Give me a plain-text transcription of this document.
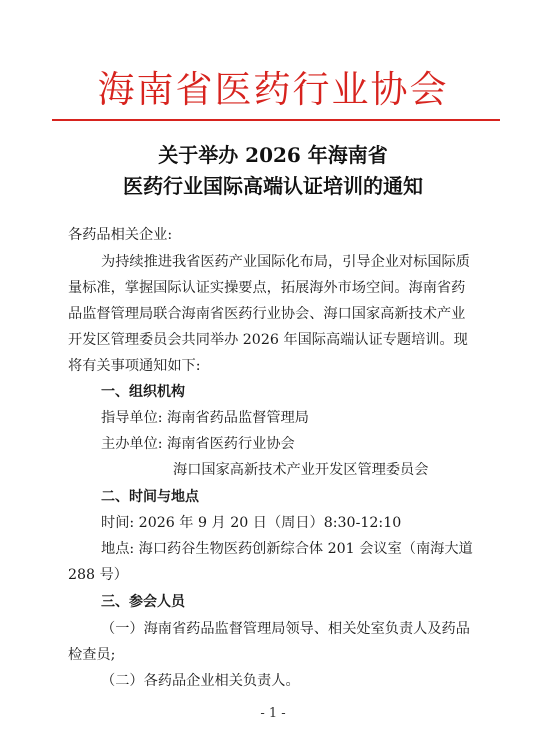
海南省医药行业协会
关于举办 2026 年海南省
医药行业国际高端认证培训的通知
各药品相关企业:
为持续推进我省医药产业国际化布局，引导企业对标国际质
量标准，掌握国际认证实操要点，拓展海外市场空间。海南省药
品监督管理局联合海南省医药行业协会、海口国家高新技术产业
开发区管理委员会共同举办 2026 年国际高端认证专题培训。现
将有关事项通知如下:
一、组织机构
指导单位: 海南省药品监督管理局
主办单位: 海南省医药行业协会
海口国家高新技术产业开发区管理委员会
二、时间与地点
时间: 2026 年 9 月 20 日（周日）8:30-12:10
地点: 海口药谷生物医药创新综合体 201 会议室（南海大道
288 号）
三、参会人员
（一）海南省药品监督管理局领导、相关处室负责人及药品
检查员;
（二）各药品企业相关负责人。
- 1 -
